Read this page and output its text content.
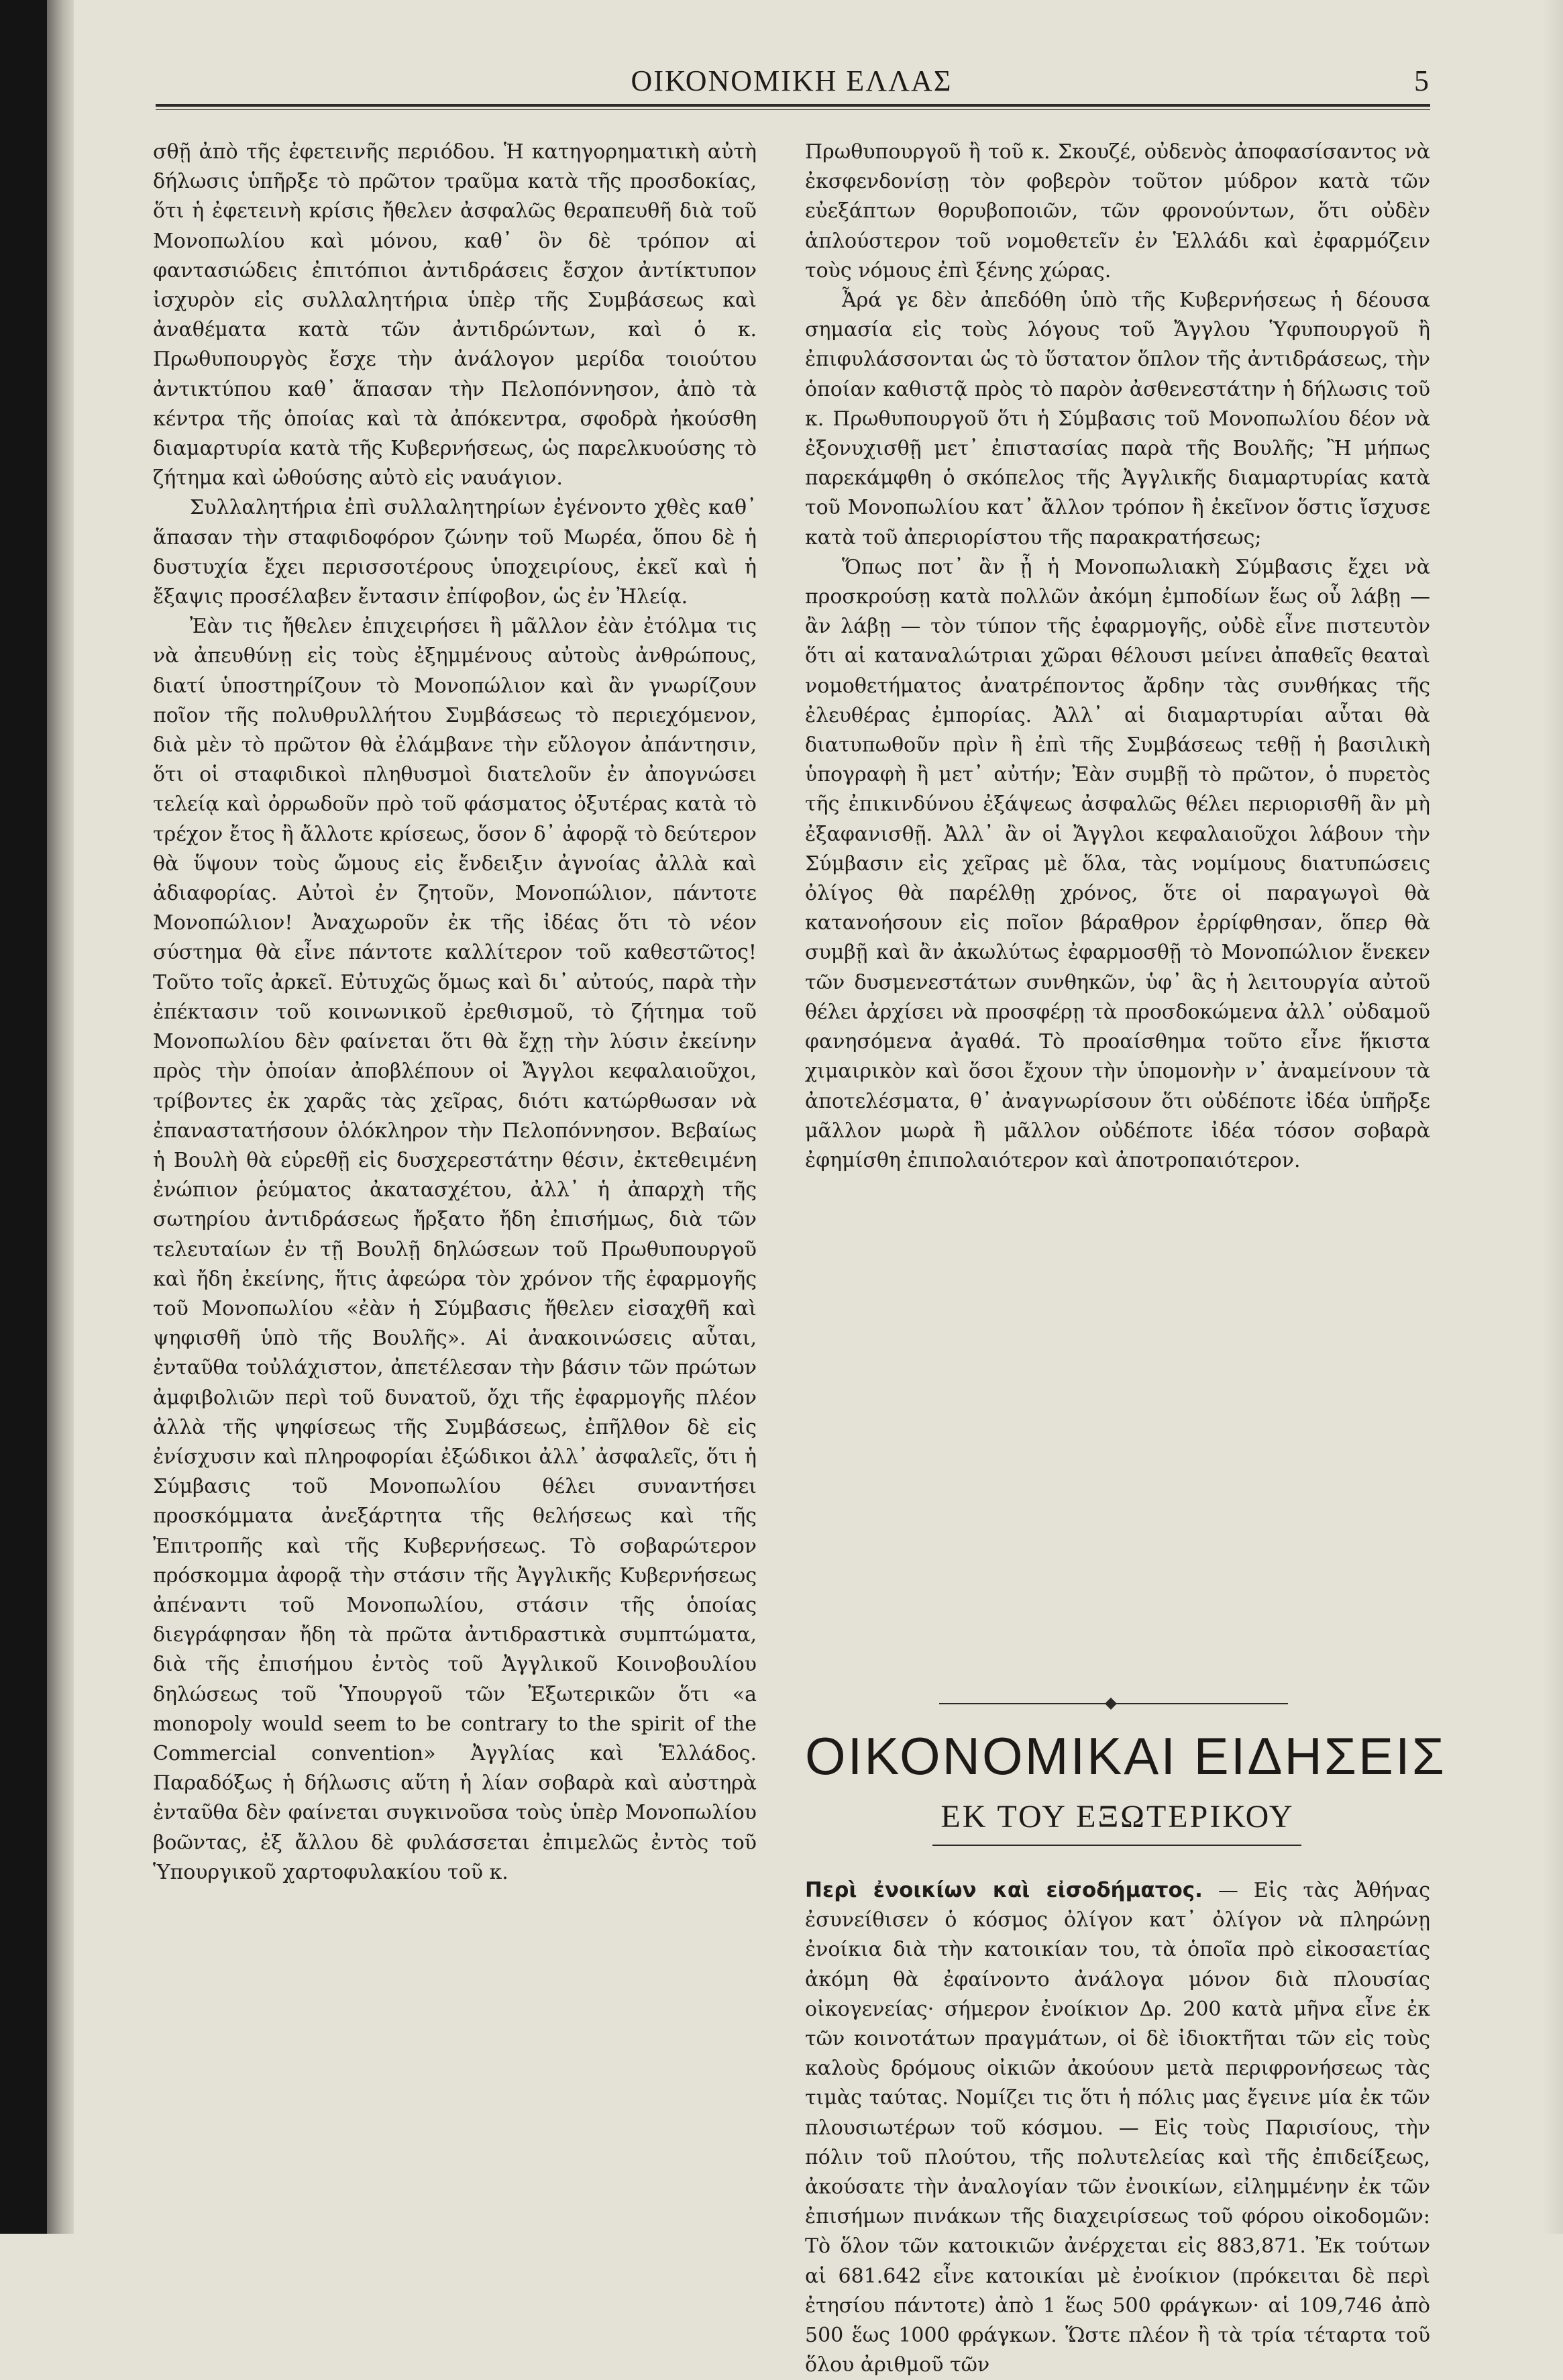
ΟΙΚΟΝΟΜΙΚΗ ΕΛΛΑΣ	5

σθῇ ἀπὸ τῆς ἐφετεινῆς περιόδου. Ἡ κατηγορηματικὴ αὐτὴ δήλωσις ὑπῆρξε τὸ πρῶτον τραῦμα κατὰ τῆς προσδοκίας, ὅτι ἡ ἐφετεινὴ κρίσις ἤθελεν ἀσφαλῶς θεραπευθῆ διὰ τοῦ Μονοπωλίου καὶ μόνου, καθ᾿ ὃν δὲ τρόπον αἱ φαντασιώδεις ἐπιτόπιοι ἀντιδράσεις ἔσχον ἀντίκτυπον ἰσχυρὸν εἰς συλλαλητήρια ὑπὲρ τῆς Συμβάσεως καὶ ἀναθέματα κατὰ τῶν ἀντιδρώντων, καὶ ὁ κ. Πρωθυπουργὸς ἔσχε τὴν ἀνάλογον μερίδα τοιούτου ἀντικτύπου καθ᾿ ἅπασαν τὴν Πελοπόννησον, ἀπὸ τὰ κέντρα τῆς ὁποίας καὶ τὰ ἀπόκεντρα, σφοδρὰ ἠκούσθη διαμαρτυρία κατὰ τῆς Κυβερνήσεως, ὡς παρελκυούσης τὸ ζήτημα καὶ ὠθούσης αὐτὸ εἰς ναυάγιον.

Συλλαλητήρια ἐπὶ συλλαλητηρίων ἐγένοντο χθὲς καθ᾿ ἅπασαν τὴν σταφιδοφόρον ζώνην τοῦ Μωρέα, ὅπου δὲ ἡ δυστυχία ἔχει περισσοτέρους ὑποχειρίους, ἐκεῖ καὶ ἡ ἔξαψις προσέλαβεν ἔντασιν ἐπίφοβον, ὡς ἐν Ἠλείᾳ.

Ἐὰν τις ἤθελεν ἐπιχειρήσει ἢ μᾶλλον ἐὰν ἐτόλμα τις νὰ ἀπευθύνῃ εἰς τοὺς ἐξημμένους αὐτοὺς ἀνθρώπους, διατί ὑποστηρίζουν τὸ Μονοπώλιον καὶ ἂν γνωρίζουν ποῖον τῆς πολυθρυλλήτου Συμβάσεως τὸ περιεχόμενον, διὰ μὲν τὸ πρῶτον θὰ ἐλάμβανε τὴν εὔλογον ἀπάντησιν, ὅτι οἱ σταφιδικοὶ πληθυσμοὶ διατελοῦν ἐν ἀπογνώσει τελείᾳ καὶ ὀρρωδοῦν πρὸ τοῦ φάσματος ὀξυτέρας κατὰ τὸ τρέχον ἔτος ἢ ἄλλοτε κρίσεως, ὅσον δ᾿ ἀφορᾷ τὸ δεύτερον θὰ ὕψουν τοὺς ὤμους εἰς ἔνδειξιν ἀγνοίας ἀλλὰ καὶ ἀδιαφορίας. Αὐτοὶ ἐν ζητοῦν, Μονοπώλιον, πάντοτε Μονοπώλιον! Ἀναχωροῦν ἐκ τῆς ἰδέας ὅτι τὸ νέον σύστημα θὰ εἶνε πάντοτε καλλίτερον τοῦ καθεστῶτος! Τοῦτο τοῖς ἀρκεῖ. Εὐτυχῶς ὅμως καὶ δι᾿ αὐτούς, παρὰ τὴν ἐπέκτασιν τοῦ κοινωνικοῦ ἐρεθισμοῦ, τὸ ζήτημα τοῦ Μονοπωλίου δὲν φαίνεται ὅτι θὰ ἔχῃ τὴν λύσιν ἐκείνην πρὸς τὴν ὁποίαν ἀποβλέπουν οἱ Ἄγγλοι κεφαλαιοῦχοι, τρίβοντες ἐκ χαρᾶς τὰς χεῖρας, διότι κατώρθωσαν νὰ ἐπαναστατήσουν ὁλόκληρον τὴν Πελοπόννησον. Βεβαίως ἡ Βουλὴ θὰ εὑρεθῇ εἰς δυσχερεστάτην θέσιν, ἐκτεθειμένη ἐνώπιον ῥεύματος ἀκατασχέτου, ἀλλ᾿ ἡ ἀπαρχὴ τῆς σωτηρίου ἀντιδράσεως ἤρξατο ἤδη ἐπισήμως, διὰ τῶν τελευταίων ἐν τῇ Βουλῇ δηλώσεων τοῦ Πρωθυπουργοῦ καὶ ἤδη ἐκείνης, ἥτις ἀφεώρα τὸν χρόνον τῆς ἐφαρμογῆς τοῦ Μονοπωλίου «ἐὰν ἡ Σύμβασις ἤθελεν εἰσαχθῆ καὶ ψηφισθῆ ὑπὸ τῆς Βουλῆς». Αἱ ἀνακοινώσεις αὗται, ἐνταῦθα τοὐλάχιστον, ἀπετέλεσαν τὴν βάσιν τῶν πρώτων ἀμφιβολιῶν περὶ τοῦ δυνατοῦ, ὄχι τῆς ἐφαρμογῆς πλέον ἀλλὰ τῆς ψηφίσεως τῆς Συμβάσεως, ἐπῆλθον δὲ εἰς ἐνίσχυσιν καὶ πληροφορίαι ἐξώδικοι ἀλλ᾿ ἀσφαλεῖς, ὅτι ἡ Σύμβασις τοῦ Μονοπωλίου θέλει συναντήσει προσκόμματα ἀνεξάρτητα τῆς θελήσεως καὶ τῆς Ἐπιτροπῆς καὶ τῆς Κυβερνήσεως. Τὸ σοβαρώτερον πρόσκομμα ἀφορᾷ τὴν στάσιν τῆς Ἀγγλικῆς Κυβερνήσεως ἀπέναντι τοῦ Μονοπωλίου, στάσιν τῆς ὁποίας διεγράφησαν ἤδη τὰ πρῶτα ἀντιδραστικὰ συμπτώματα, διὰ τῆς ἐπισήμου ἐντὸς τοῦ Ἀγγλικοῦ Κοινοβουλίου δηλώσεως τοῦ Ὑπουργοῦ τῶν Ἐξωτερικῶν ὅτι «a monopoly would seem to be contrary to the spirit of the Commercial convention» Ἀγγλίας καὶ Ἑλλάδος. Παραδόξως ἡ δήλωσις αὕτη ἡ λίαν σοβαρὰ καὶ αὐστηρὰ ἐνταῦθα δὲν φαίνεται συγκινοῦσα τοὺς ὑπὲρ Μονοπωλίου βοῶντας, ἐξ ἄλλου δὲ φυλάσσεται ἐπιμελῶς ἐντὸς τοῦ Ὑπουργικοῦ χαρτοφυλακίου τοῦ κ.

Πρωθυπουργοῦ ἢ τοῦ κ. Σκουζέ, οὐδενὸς ἀποφασίσαντος νὰ ἐκσφενδονίσῃ τὸν φοβερὸν τοῦτον μύδρον κατὰ τῶν εὐεξάπτων θορυβοποιῶν, τῶν φρονούντων, ὅτι οὐδὲν ἁπλούστερον τοῦ νομοθετεῖν ἐν Ἑλλάδι καὶ ἐφαρμόζειν τοὺς νόμους ἐπὶ ξένης χώρας.

Ἆρά γε δὲν ἀπεδόθη ὑπὸ τῆς Κυβερνήσεως ἡ δέουσα σημασία εἰς τοὺς λόγους τοῦ Ἄγγλου Ὑφυπουργοῦ ἢ ἐπιφυλάσσονται ὡς τὸ ὕστατον ὅπλον τῆς ἀντιδράσεως, τὴν ὁποίαν καθιστᾷ πρὸς τὸ παρὸν ἀσθενεστάτην ἡ δήλωσις τοῦ κ. Πρωθυπουργοῦ ὅτι ἡ Σύμβασις τοῦ Μονοπωλίου δέον νὰ ἐξονυχισθῇ μετ᾿ ἐπιστασίας παρὰ τῆς Βουλῆς; Ἢ μήπως παρεκάμφθη ὁ σκόπελος τῆς Ἀγγλικῆς διαμαρτυρίας κατὰ τοῦ Μονοπωλίου κατ᾿ ἄλλον τρόπον ἢ ἐκεῖνον ὅστις ἴσχυσε κατὰ τοῦ ἀπεριορίστου τῆς παρακρατήσεως;

Ὅπως ποτ᾿ ἂν ᾖ ἡ Μονοπωλιακὴ Σύμβασις ἔχει νὰ προσκρούσῃ κατὰ πολλῶν ἀκόμη ἐμποδίων ἕως οὗ λάβῃ — ἂν λάβῃ — τὸν τύπον τῆς ἐφαρμογῆς, οὐδὲ εἶνε πιστευτὸν ὅτι αἱ καταναλώτριαι χῶραι θέλουσι μείνει ἀπαθεῖς θεαταὶ νομοθετήματος ἀνατρέποντος ἄρδην τὰς συνθήκας τῆς ἐλευθέρας ἐμπορίας. Ἀλλ᾿ αἱ διαμαρτυρίαι αὗται θὰ διατυπωθοῦν πρὶν ἢ ἐπὶ τῆς Συμβάσεως τεθῇ ἡ βασιλικὴ ὑπογραφὴ ἢ μετ᾿ αὐτήν; Ἐὰν συμβῇ τὸ πρῶτον, ὁ πυρετὸς τῆς ἐπικινδύνου ἐξάψεως ἀσφαλῶς θέλει περιορισθῆ ἂν μὴ ἐξαφανισθῇ. Ἀλλ᾿ ἂν οἱ Ἄγγλοι κεφαλαιοῦχοι λάβουν τὴν Σύμβασιν εἰς χεῖρας μὲ ὅλα, τὰς νομίμους διατυπώσεις ὀλίγος θὰ παρέλθῃ χρόνος, ὅτε οἱ παραγωγοὶ θὰ κατανοήσουν εἰς ποῖον βάραθρον ἐρρίφθησαν, ὅπερ θὰ συμβῇ καὶ ἂν ἀκωλύτως ἐφαρμοσθῇ τὸ Μονοπώλιον ἕνεκεν τῶν δυσμενεστάτων συνθηκῶν, ὑφ᾿ ἃς ἡ λειτουργία αὐτοῦ θέλει ἀρχίσει νὰ προσφέρῃ τὰ προσδοκώμενα ἀλλ᾿ οὐδαμοῦ φανησόμενα ἀγαθά. Τὸ προαίσθημα τοῦτο εἶνε ἥκιστα χιμαιρικὸν καὶ ὅσοι ἔχουν τὴν ὑπομονὴν ν᾿ ἀναμείνουν τὰ ἀποτελέσματα, θ᾿ ἀναγνωρίσουν ὅτι οὐδέποτε ἰδέα ὑπῆρξε μᾶλλον μωρὰ ἢ μᾶλλον οὐδέποτε ἰδέα τόσον σοβαρὰ ἐφημίσθη ἐπιπολαιότερον καὶ ἀποτροπαιότερον.

ΟΙΚΟΝΟΜΙΚΑΙ ΕΙΔΗΣΕΙΣ
ΕΚ ΤΟΥ ΕΞΩΤΕΡΙΚΟΥ

Περὶ ἐνοικίων καὶ εἰσοδήματος. — Εἰς τὰς Ἀθήνας ἐσυνείθισεν ὁ κόσμος ὀλίγον κατ᾿ ὀλίγον νὰ πληρώνῃ ἐνοίκια διὰ τὴν κατοικίαν του, τὰ ὁποῖα πρὸ εἰκοσαετίας ἀκόμη θὰ ἐφαίνοντο ἀνάλογα μόνον διὰ πλουσίας οἰκογενείας· σήμερον ἐνοίκιον Δρ. 200 κατὰ μῆνα εἶνε ἐκ τῶν κοινοτάτων πραγμάτων, οἱ δὲ ἰδιοκτῆται τῶν εἰς τοὺς καλοὺς δρόμους οἰκιῶν ἀκούουν μετὰ περιφρονήσεως τὰς τιμὰς ταύτας. Νομίζει τις ὅτι ἡ πόλις μας ἔγεινε μία ἐκ τῶν πλουσιωτέρων τοῦ κόσμου. — Εἰς τοὺς Παρισίους, τὴν πόλιν τοῦ πλούτου, τῆς πολυτελείας καὶ τῆς ἐπιδείξεως, ἀκούσατε τὴν ἀναλογίαν τῶν ἐνοικίων, εἰλημμένην ἐκ τῶν ἐπισήμων πινάκων τῆς διαχειρίσεως τοῦ φόρου οἰκοδομῶν: Τὸ ὅλον τῶν κατοικιῶν ἀνέρχεται εἰς 883,871. Ἐκ τούτων αἱ 681.642 εἶνε κατοικίαι μὲ ἐνοίκιον (πρόκειται δὲ περὶ ἐτησίου πάντοτε) ἀπὸ 1 ἕως 500 φράγκων· αἱ 109,746 ἀπὸ 500 ἕως 1000 φράγκων. Ὥστε πλέον ἢ τὰ τρία τέταρτα τοῦ ὅλου ἀριθμοῦ τῶν
